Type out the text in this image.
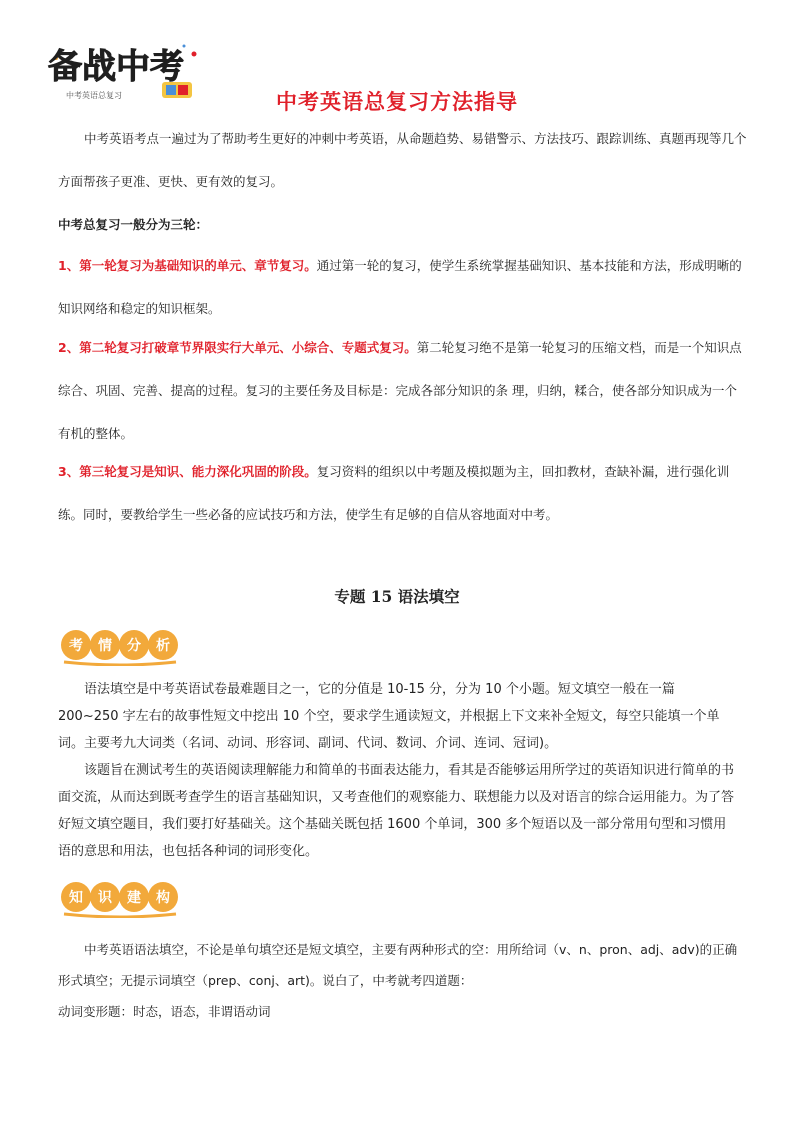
备战中考
中考英语总复习	中考英语总复习方法指导

中考英语考点一遍过为了帮助考生更好的冲刺中考英语，从命题趋势、易错警示、方法技巧、跟踪训练、真题再现等几个方面帮孩子更准、更快、更有效的复习。

中考总复习一般分为三轮：

1、第一轮复习为基础知识的单元、章节复习。通过第一轮的复习，使学生系统掌握基础知识、基本技能和方法，形成明晰的知识网络和稳定的知识框架。

2、第二轮复习打破章节界限实行大单元、小综合、专题式复习。第二轮复习绝不是第一轮复习的压缩文档，而是一个知识点综合、巩固、完善、提高的过程。复习的主要任务及目标是：完成各部分知识的条 理，归纳，糅合，使各部分知识成为一个有机的整体。

3、第三轮复习是知识、能力深化巩固的阶段。复习资料的组织以中考题及模拟题为主，回扣教材，查缺补漏，进行强化训练。同时，要教给学生一些必备的应试技巧和方法，使学生有足够的自信从容地面对中考。

专题 15 语法填空
考 情 分 析

语法填空是中考英语试卷最难题目之一，它的分值是 10-15 分，分为 10 个小题。短文填空一般在一篇 200~250 字左右的故事性短文中挖出 10 个空，要求学生通读短文，并根据上下文来补全短文，每空只能填一个单词。主要考九大词类（名词、动词、形容词、副词、代词、数词、介词、连词、冠词)。

该题旨在测试考生的英语阅读理解能力和简单的书面表达能力，看其是否能够运用所学过的英语知识进行简单的书面交流，从而达到既考查学生的语言基础知识，又考查他们的观察能力、联想能力以及对语言的综合运用能力。为了答好短文填空题目，我们要打好基础关。这个基础关既包括 1600 个单词，300 多个短语以及一部分常用句型和习惯用语的意思和用法，也包括各种词的词形变化。

知 识 建 构

中考英语语法填空，不论是单句填空还是短文填空，主要有两种形式的空：用所给词（v、n、pron、adj、adv)的正确形式填空；无提示词填空（prep、conj、art)。说白了，中考就考四道题：

动词变形题：时态，语态，非谓语动词
